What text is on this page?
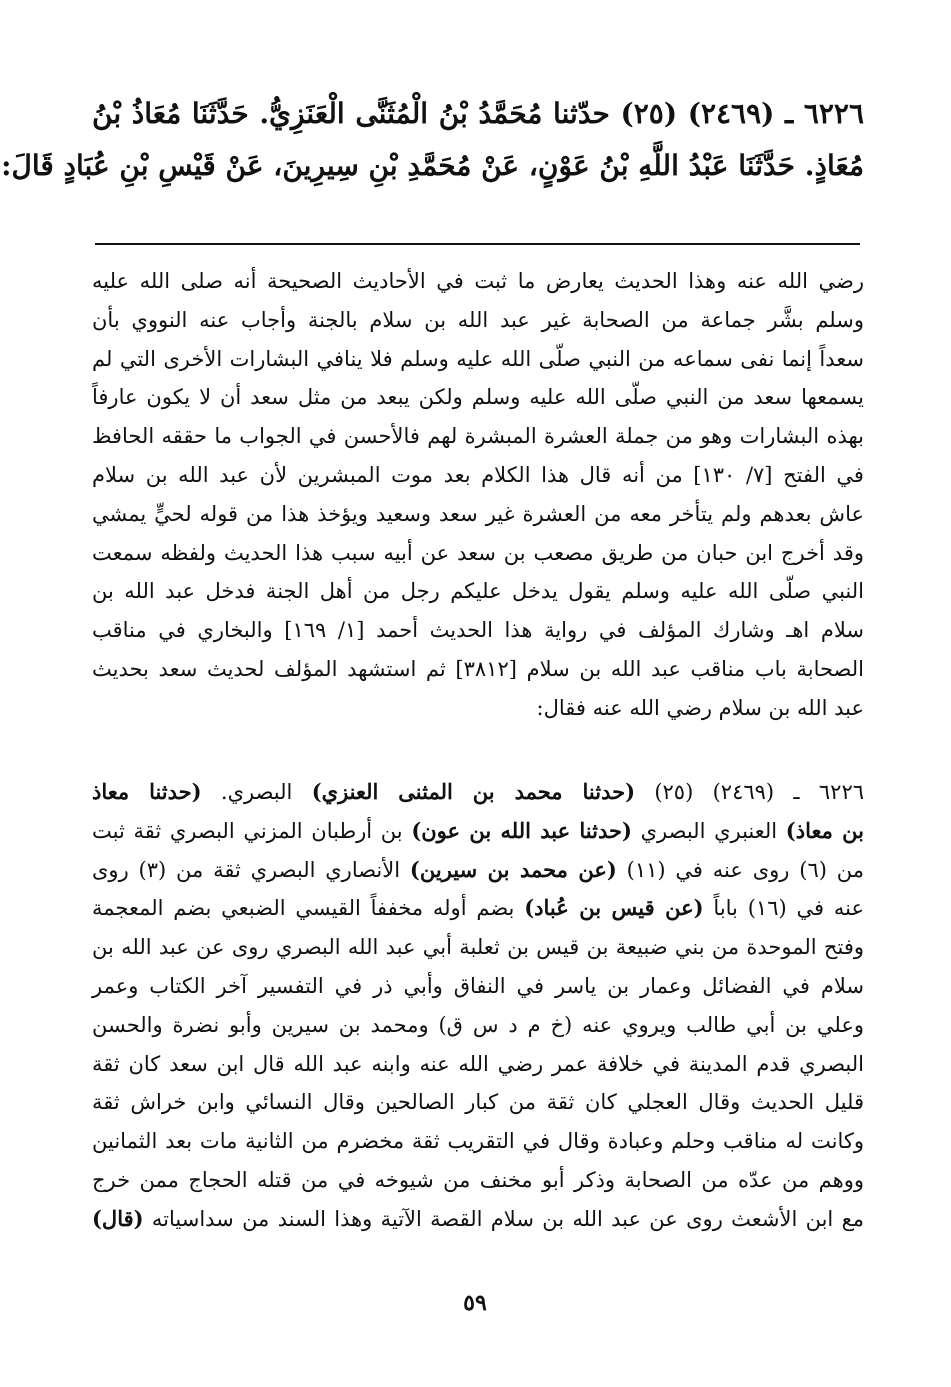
٦٢٢٦ ـ (٢٤٦٩) (٢٥) حدّثنا مُحَمَّدُ بْنُ الْمُثَنَّى الْعَنَزِيُّ. حَدَّثَنَا مُعَاذُ بْنُ
مُعَاذٍ. حَدَّثَنَا عَبْدُ اللَّهِ بْنُ عَوْنٍ، عَنْ مُحَمَّدِ بْنِ سِيرِينَ، عَنْ قَيْسِ بْنِ عُبَادٍ قَالَ:
رضي الله عنه وهذا الحديث يعارض ما ثبت في الأحاديث الصحيحة أنه صلى الله عليه
وسلم بشَّر جماعة من الصحابة غير عبد الله بن سلام بالجنة وأجاب عنه النووي بأن
سعداً إنما نفى سماعه من النبي صلّى الله عليه وسلم فلا ينافي البشارات الأخرى التي لم
يسمعها سعد من النبي صلّى الله عليه وسلم ولكن يبعد من مثل سعد أن لا يكون عارفاً
بهذه البشارات وهو من جملة العشرة المبشرة لهم فالأحسن في الجواب ما حققه الحافظ
في الفتح [٧/ ١٣٠] من أنه قال هذا الكلام بعد موت المبشرين لأن عبد الله بن سلام
عاش بعدهم ولم يتأخر معه من العشرة غير سعد وسعيد ويؤخذ هذا من قوله لحيٍّ يمشي
وقد أخرج ابن حبان من طريق مصعب بن سعد عن أبيه سبب هذا الحديث ولفظه سمعت
النبي صلّى الله عليه وسلم يقول يدخل عليكم رجل من أهل الجنة فدخل عبد الله بن
سلام اهـ وشارك المؤلف في رواية هذا الحديث أحمد [١/ ١٦٩] والبخاري في مناقب
الصحابة باب مناقب عبد الله بن سلام [٣٨١٢] ثم استشهد المؤلف لحديث سعد بحديث
عبد الله بن سلام رضي الله عنه فقال:
٦٢٢٦ ـ (٢٤٦٩) (٢٥) (حدثنا محمد بن المثنى العنزي) البصري. (حدثنا معاذ
بن معاذ) العنبري البصري (حدثنا عبد الله بن عون) بن أرطبان المزني البصري ثقة ثبت
من (٦) روى عنه في (١١) (عن محمد بن سيرين) الأنصاري البصري ثقة من (٣) روى
عنه في (١٦) باباً (عن قيس بن عُباد) بضم أوله مخففاً القيسي الضبعي بضم المعجمة
وفتح الموحدة من بني ضبيعة بن قيس بن ثعلبة أبي عبد الله البصري روى عن عبد الله بن
سلام في الفضائل وعمار بن ياسر في النفاق وأبي ذر في التفسير آخر الكتاب وعمر
وعلي بن أبي طالب ويروي عنه (خ م د س ق) ومحمد بن سيرين وأبو نضرة والحسن
البصري قدم المدينة في خلافة عمر رضي الله عنه وابنه عبد الله قال ابن سعد كان ثقة
قليل الحديث وقال العجلي كان ثقة من كبار الصالحين وقال النسائي وابن خراش ثقة
وكانت له مناقب وحلم وعبادة وقال في التقريب ثقة مخضرم من الثانية مات بعد الثمانين
ووهم من عدّه من الصحابة وذكر أبو مخنف من شيوخه في من قتله الحجاج ممن خرج
مع ابن الأشعث روى عن عبد الله بن سلام القصة الآتية وهذا السند من سداسياته (قال)
٥٩
